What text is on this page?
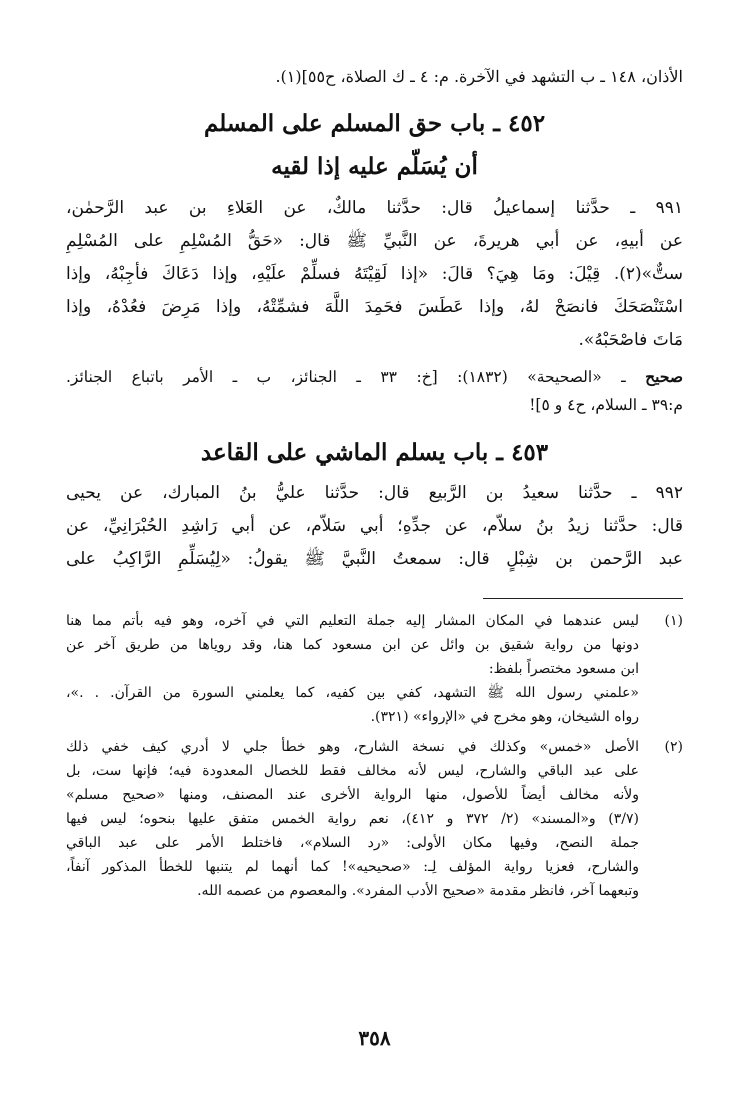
الأذان، ١٤٨ ـ ب التشهد في الآخرة. م: ٤ ـ ك الصلاة، ح٥٥](١).
٤٥٢ ـ باب حق المسلم على المسلم
أن يُسَلّم عليه إذا لقيه
٩٩١ ـ حدَّثنا إسماعيلُ قال: حدَّثنا مالكٌ، عن العَلاءِ بن عبد الرَّحمٰن،
عن أبيهِ، عن أبي هريرةَ، عن النَّبيِّ ﷺ قال: «حَقُّ المُسْلِمِ على المُسْلِمِ
ستٌّ»(٢). قِيْلَ: ومَا هِيَ؟ قالَ: «إذا لَقِيْتَهُ فسلِّمْ علَيْهِ، وإذا دَعَاكَ فأجِبْهُ، وإذا
اسْتَنْصَحَكَ فانصَحْ لهُ، وإذا عَطَسَ فحَمِدَ اللَّهَ فشمِّتْهُ، وإذا مَرِضَ فعُدْهُ، وإذا
مَاتَ فاصْحَبْهُ».
صحيح ـ «الصحيحة» (١٨٣٢): [خ: ٣٣ ـ الجنائز، ب ـ الأمر باتباع الجنائز.
م:٣٩ ـ السلام، ح٤ و ٥]!
٤٥٣ ـ باب يسلم الماشي على القاعد
٩٩٢ ـ حدَّثنا سعيدُ بن الرَّبيع قال: حدَّثنا عليُّ بنُ المبارك، عن يحيى
قال: حدَّثنا زيدُ بنُ سلاّم، عن جدِّهِ؛ أبي سَلاّم، عن أبي رَاشِدِ الحُبْرَانِيِّ، عن
عبد الرَّحمن بن شِبْلٍ قال: سمعتُ النَّبيَّ ﷺ يقولُ: «لِيُسَلِّمِ الرَّاكِبُ على
(١)
ليس عندهما في المكان المشار إليه جملة التعليم التي في آخره، وهو فيه بأتم مما هنا
دونها من رواية شقيق بن وائل عن ابن مسعود كما هنا، وقد روياها من طريق آخر عن
ابن مسعود مختصراً بلفظ:
«علمني رسول الله ﷺ التشهد، كفي بين كفيه، كما يعلمني السورة من القرآن. . .»،
رواه الشيخان، وهو مخرج في «الإرواء» (٣٢١).
(٢)
الأصل «خمس» وكذلك في نسخة الشارح، وهو خطأ جلي لا أدري كيف خفي ذلك
على عبد الباقي والشارح، ليس لأنه مخالف فقط للخصال المعدودة فيه؛ فإنها ست، بل
ولأنه مخالف أيضاً للأصول، منها الرواية الأخرى عند المصنف، ومنها «صحيح مسلم»
(٣/٧) و«المسند» (٢/ ٣٧٢ و ٤١٢)، نعم رواية الخمس متفق عليها بنحوه؛ ليس فيها
جملة النصح، وفيها مكان الأولى: «رد السلام»، فاختلط الأمر على عبد الباقي
والشارح، فعزيا رواية المؤلف لِـ: «صحيحيه»! كما أنهما لم يتنبها للخطأ المذكور آنفاً،
وتبعهما آخر، فانظر مقدمة «صحيح الأدب المفرد». والمعصوم من عصمه الله.
٣٥٨
